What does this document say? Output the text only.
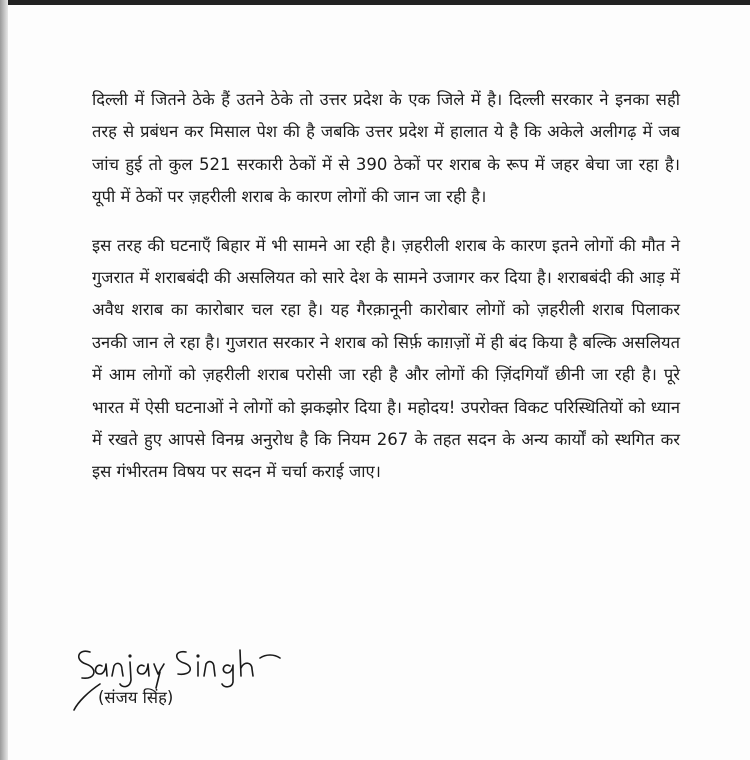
दिल्ली में जितने ठेके हैं उतने ठेके तो उत्तर प्रदेश के एक जिले में है। दिल्ली सरकार ने इनका सही तरह से प्रबंधन कर मिसाल पेश की है जबकि उत्तर प्रदेश में हालात ये है कि अकेले अलीगढ़ में जब जांच हुई तो कुल 521 सरकारी ठेकों में से 390 ठेकों पर शराब के रूप में जहर बेचा जा रहा है। यूपी में ठेकों पर ज़हरीली शराब के कारण लोगों की जान जा रही है।

इस तरह की घटनाएँ बिहार में भी सामने आ रही है। ज़हरीली शराब के कारण इतने लोगों की मौत ने गुजरात में शराबबंदी की असलियत को सारे देश के सामने उजागर कर दिया है। शराबबंदी की आड़ में अवैध शराब का कारोबार चल रहा है। यह गैरक़ानूनी कारोबार लोगों को ज़हरीली शराब पिलाकर उनकी जान ले रहा है। गुजरात सरकार ने शराब को सिर्फ़ काग़ज़ों में ही बंद किया है बल्कि असलियत में आम लोगों को ज़हरीली शराब परोसी जा रही है और लोगों की ज़िंदगियाँ छीनी जा रही है। पूरे भारत में ऐसी घटनाओं ने लोगों को झकझोर दिया है। महोदय! उपरोक्त विकट परिस्थितियों को ध्यान में रखते हुए आपसे विनम्र अनुरोध है कि नियम 267 के तहत सदन के अन्य कार्यों को स्थगित कर इस गंभीरतम विषय पर सदन में चर्चा कराई जाए।

(संजय सिंह)
